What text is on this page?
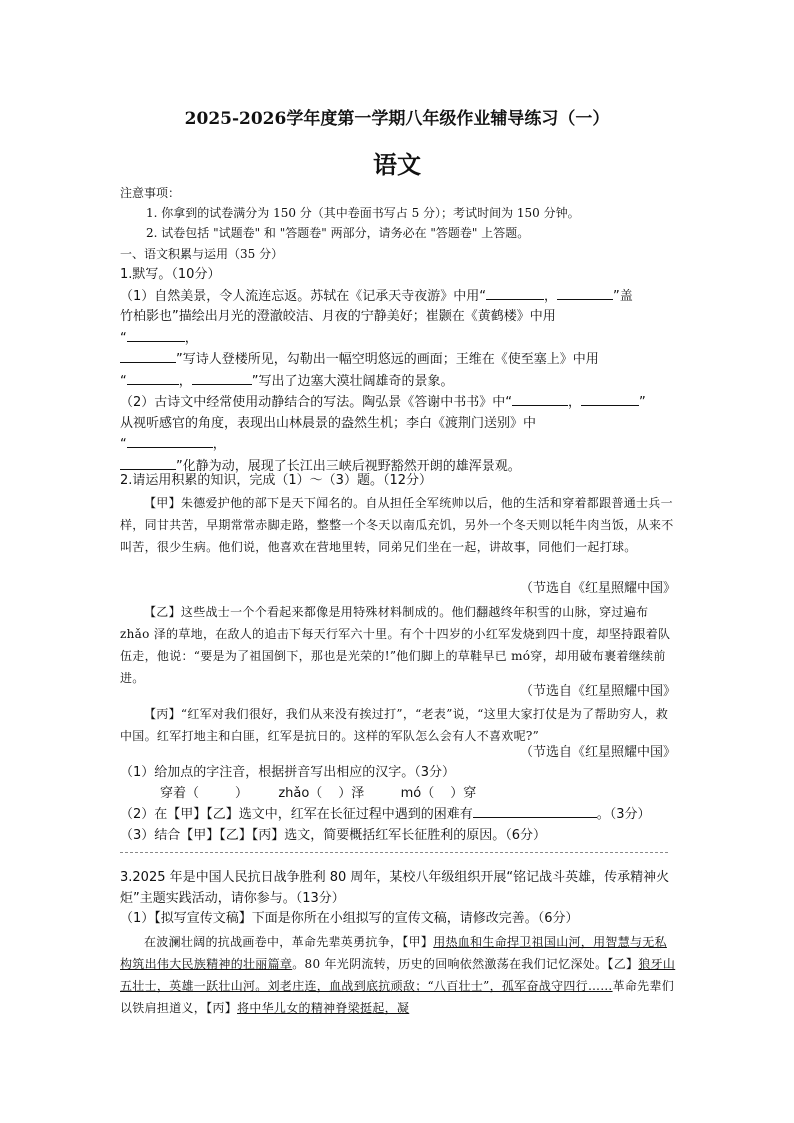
2025-2026学年度第一学期八年级作业辅导练习（一）
语文

注意事项：

1. 你拿到的试卷满分为 150 分（其中卷面书写占 5 分）；考试时间为 150 分钟。

2. 试卷包括 "试题卷" 和 "答题卷" 两部分，请务必在 "答题卷" 上答题。

一、语文积累与运用（35 分）

1.默写。（10分）

（1）自然美景，令人流连忘返。苏轼在《记承天寺夜游》中用“	，	”盖

竹柏影也”描绘出月光的澄澈皎洁、月夜的宁静美好；崔颢在《黄鹤楼》中用

“	，

”写诗人登楼所见，勾勒出一幅空明悠远的画面；王维在《使至塞上》中用

“	，	”写出了边塞大漠壮阔雄奇的景象。

（2）古诗文中经常使用动静结合的写法。陶弘景《答谢中书书》中“	，	”

从视听感官的角度，表现出山林晨景的盎然生机；李白《渡荆门送别》中

“	，

”化静为动，展现了长江出三峡后视野豁然开朗的雄浑景观。

2.请运用积累的知识，完成（1）～（3）题。（12分）
【甲】朱德爱护他的部下是天下闻名的。自从担任全军统帅以后，他的生活和穿着都跟普通士兵一样，同甘共苦，早期常常赤脚走路，整整一个冬天以南瓜充饥，另外一个冬天则以牦牛肉当饭，从来不叫苦，很少生病。他们说，他喜欢在营地里转，同弟兄们坐在一起，讲故事，同他们一起打球。
（节选自《红星照耀中国》
【乙】这些战士一个个看起来都像是用特殊材料制成的。他们翻越终年积雪的山脉，穿过遍布 zhǎo 泽的草地，在敌人的追击下每天行军六十里。有个十四岁的小红军发烧到四十度，却坚持跟着队伍走，他说：“要是为了祖国倒下，那也是光荣的!”他们脚上的草鞋早已 mó穿，却用破布裹着继续前进。
（节选自《红星照耀中国》
【丙】“红军对我们很好，我们从来没有挨过打”，“老表”说，“这里大家打仗是为了帮助穷人，救中国。红军打地主和白匪，红军是抗日的。这样的军队怎么会有人不喜欢呢?”
（节选自《红星照耀中国》

（1）给加点的字注音，根据拼音写出相应的汉字。（3分）

穿着（	） zhǎo（ ）泽	mó（ ）穿

（2）在【甲】【乙】选文中，红军在长征过程中遇到的困难有	。（3分）

（3）结合【甲】【乙】【丙】选文，简要概括红军长征胜利的原因。（6分）

3.2025 年是中国人民抗日战争胜利 80 周年，某校八年级组织开展“铭记战斗英雄，传承精神火炬”主题实践活动，请你参与。（13分）

（1）【拟写宣传文稿】下面是你所在小组拟写的宣传文稿，请修改完善。（6分）

在波澜壮阔的抗战画卷中，革命先辈英勇抗争，【甲】用热血和生命捍卫祖国山河，用智慧与无私构筑出伟大民族精神的壮丽篇章。80 年光阴流转，历史的回响依然激荡在我们记忆深处。【乙】狼牙山五壮士，英雄一跃壮山河。刘老庄连，血战到底抗顽敌；“八百壮士”，孤军奋战守四行……革命先辈们以铁肩担道义，【丙】将中华儿女的精神脊梁挺起，凝
